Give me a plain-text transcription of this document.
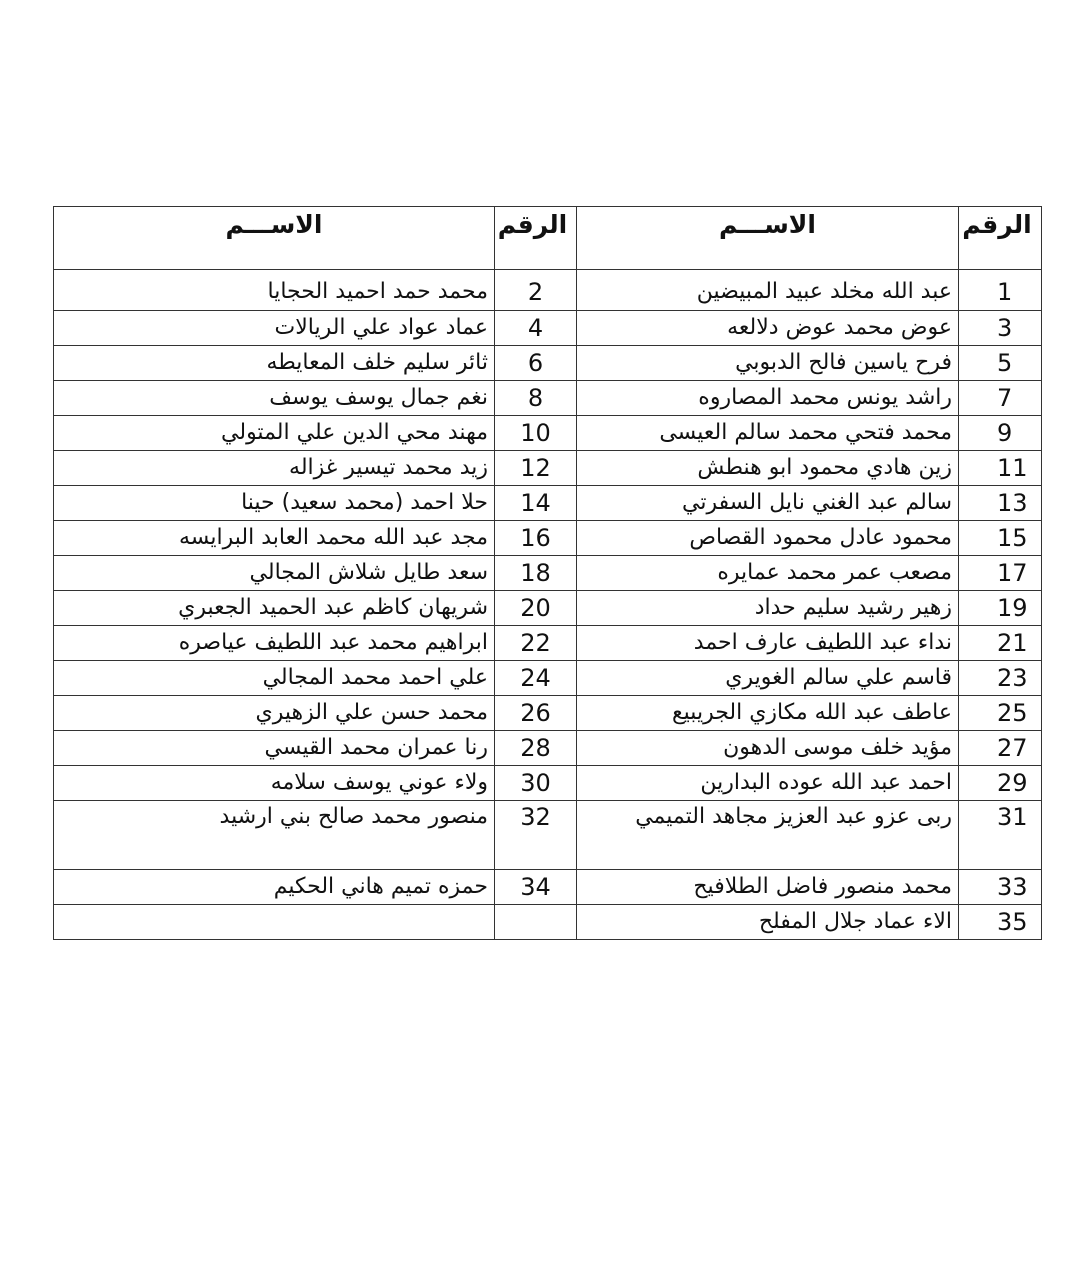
الاســـم	الرقم	الاســـم	الرقم
محمد حمد احميد الحجايا	2	عبد الله مخلد عبيد المبيضين	1
عماد عواد علي الريالات	4	عوض محمد عوض دلالعه	3
ثائر سليم خلف المعايطه	6	فرح ياسين فالح الدبوبي	5
نغم جمال يوسف يوسف	8	راشد يونس محمد المصاروه	7
مهند محي الدين علي المتولي	10	محمد فتحي محمد سالم العيسى	9
زيد محمد تيسير غزاله	12	زين هادي محمود ابو هنطش	11
حلا احمد (محمد سعيد) حينا	14	سالم عبد الغني نايل السفرتي	13
مجد عبد الله محمد العابد البرايسه	16	محمود عادل محمود القصاص	15
سعد طايل شلاش المجالي	18	مصعب عمر محمد عمايره	17
شريهان كاظم عبد الحميد الجعبري	20	زهير رشيد سليم حداد	19
ابراهيم محمد عبد اللطيف عياصره	22	نداء عبد اللطيف عارف احمد	21
علي احمد محمد المجالي	24	قاسم علي سالم الغويري	23
محمد حسن علي الزهيري	26	عاطف عبد الله مكازي الجريبيع	25
رنا عمران محمد القيسي	28	مؤيد خلف موسى الدهون	27
ولاء عوني يوسف سلامه	30	احمد عبد الله عوده البدارين	29
منصور محمد صالح بني ارشيد	32	ربى عزو عبد العزيز مجاهد التميمي	31
حمزه تميم هاني الحكيم	34	محمد منصور فاضل الطلافيح	33
		الاء عماد جلال المفلح	35
